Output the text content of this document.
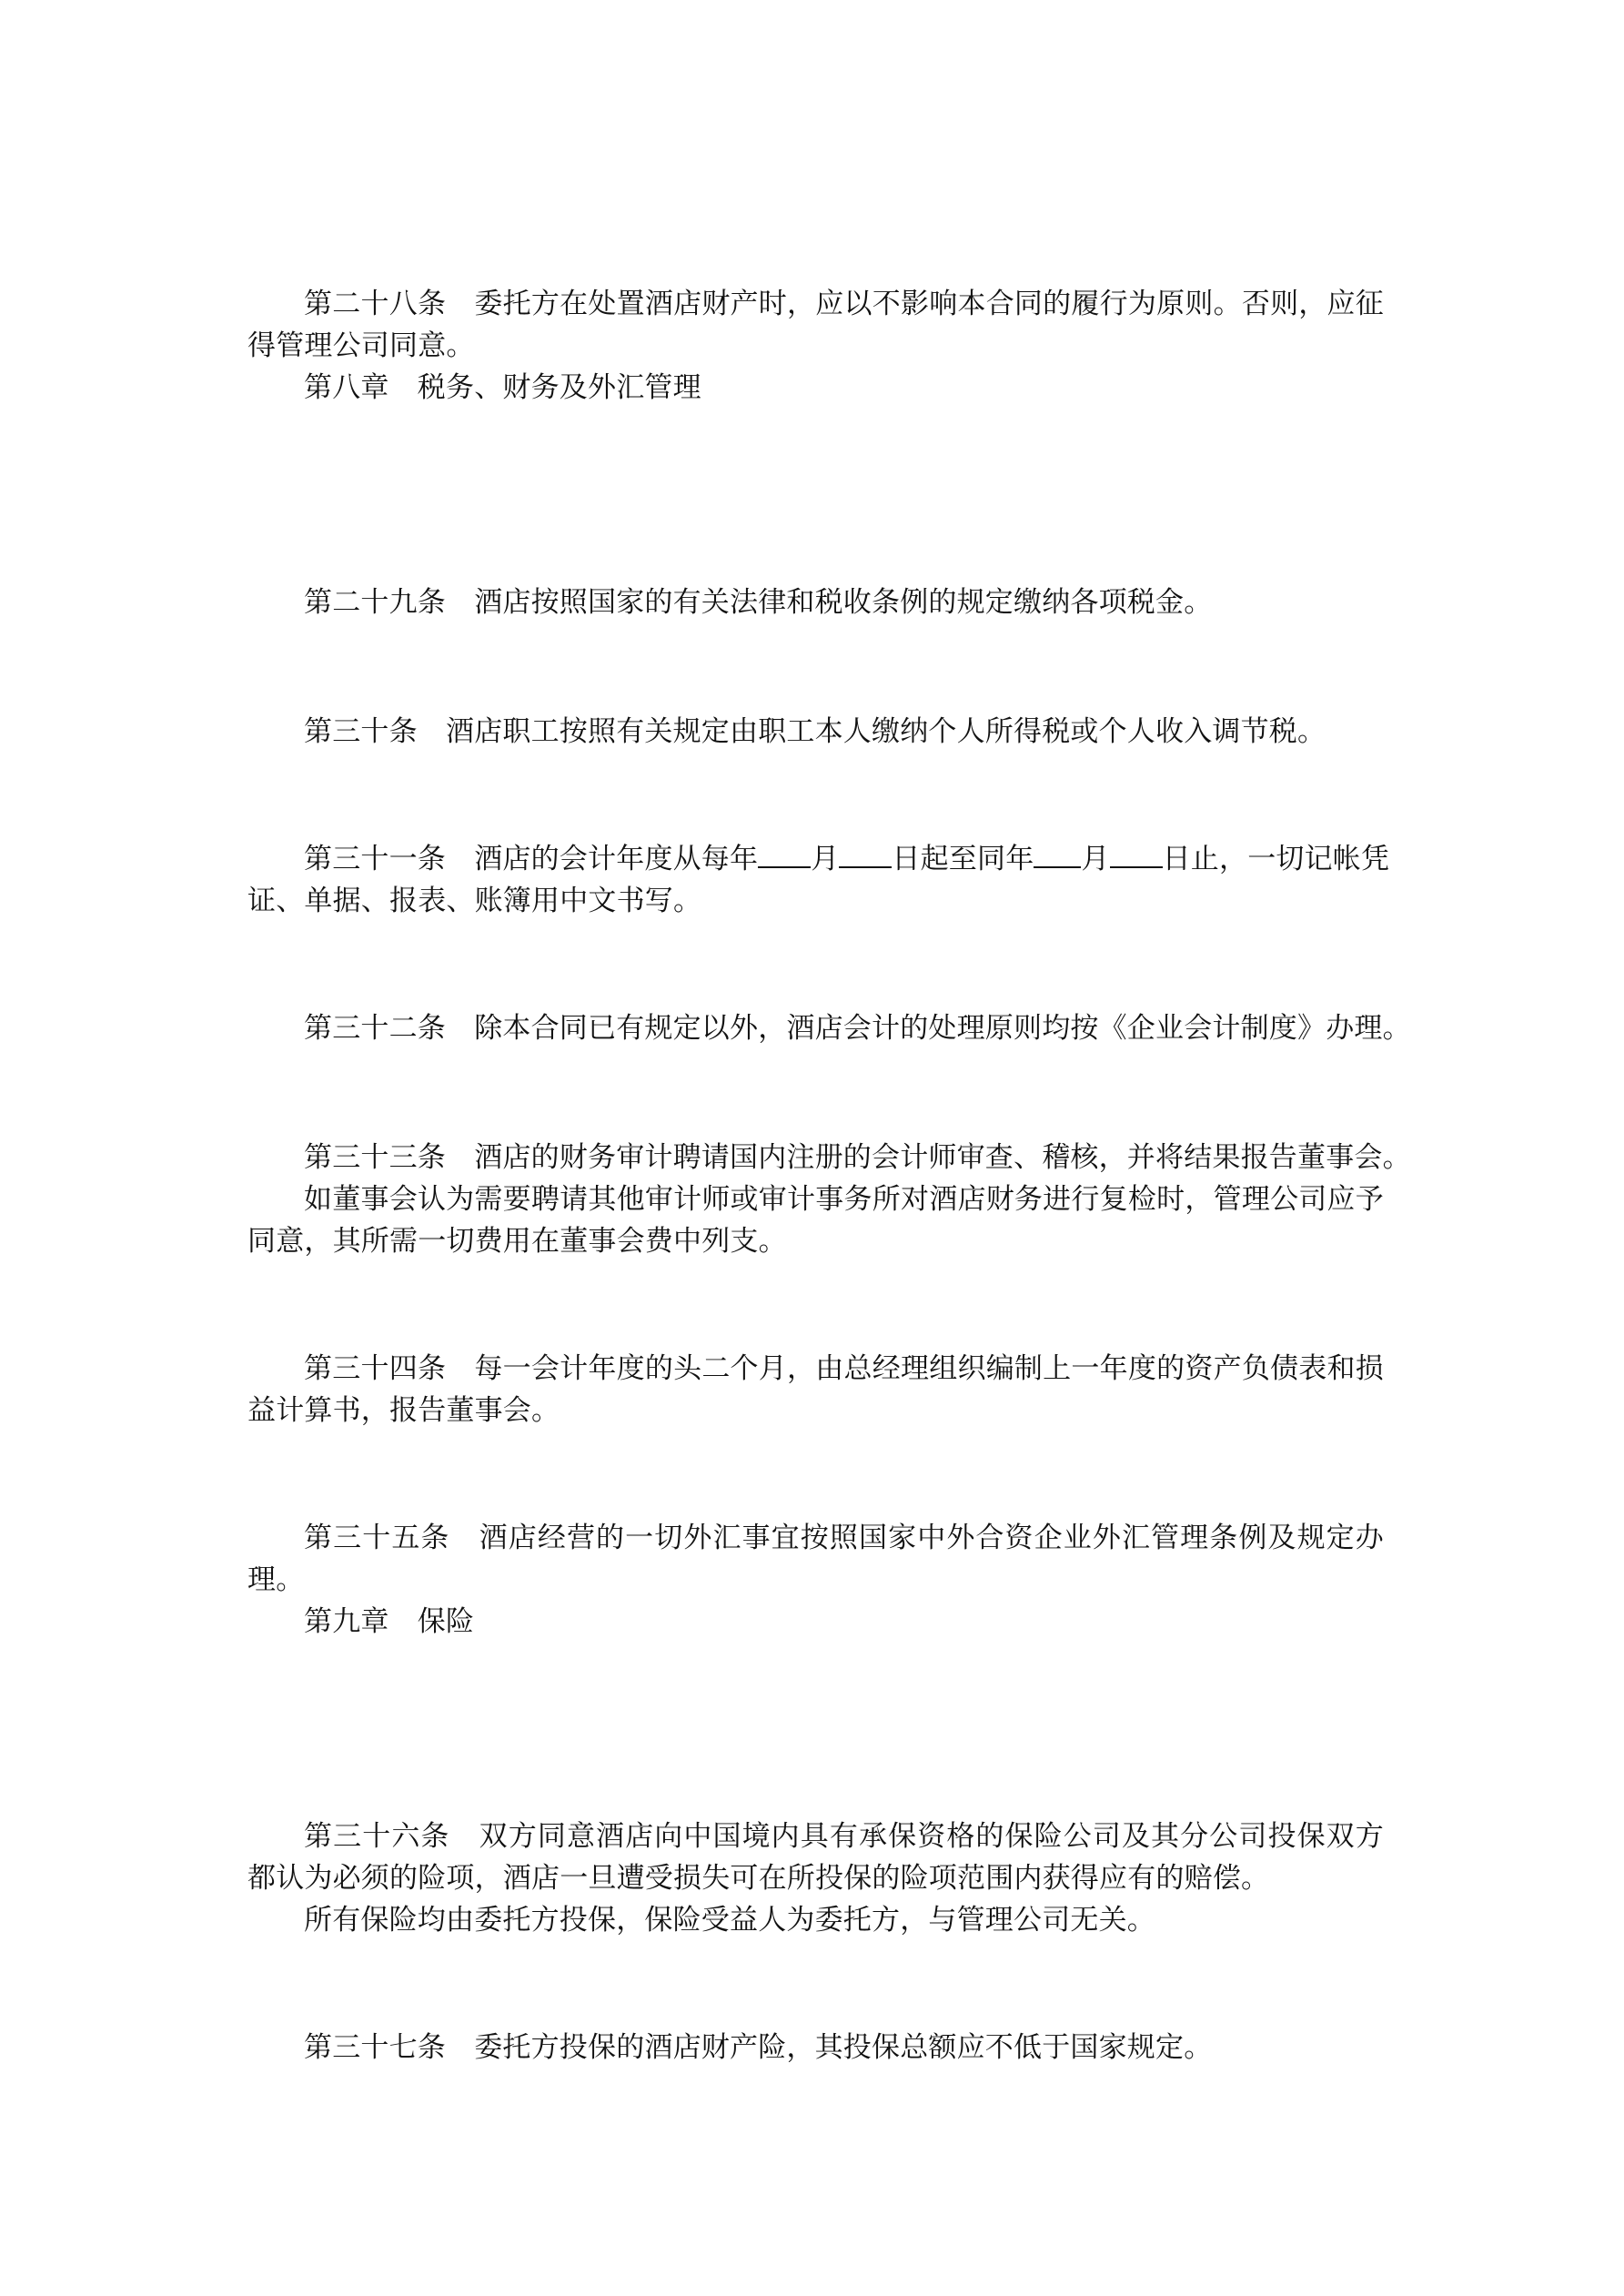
第二十八条　委托方在处置酒店财产时，应以不影响本合同的履行为原则。否则，应征
得管理公司同意。
第八章　税务、财务及外汇管理
第二十九条　酒店按照国家的有关法律和税收条例的规定缴纳各项税金。
第三十条　酒店职工按照有关规定由职工本人缴纳个人所得税或个人收入调节税。
第三十一条　酒店的会计年度从每年 月 日起至同年 月 日止，一切记帐凭
证、单据、报表、账簿用中文书写。
第三十二条　除本合同已有规定以外，酒店会计的处理原则均按《企业会计制度》办理。
第三十三条　酒店的财务审计聘请国内注册的会计师审查、稽核，并将结果报告董事会。
如董事会认为需要聘请其他审计师或审计事务所对酒店财务进行复检时，管理公司应予
同意，其所需一切费用在董事会费中列支。
第三十四条　每一会计年度的头二个月，由总经理组织编制上一年度的资产负债表和损
益计算书，报告董事会。
第三十五条　酒店经营的一切外汇事宜按照国家中外合资企业外汇管理条例及规定办
理。
第九章　保险
第三十六条　双方同意酒店向中国境内具有承保资格的保险公司及其分公司投保双方
都认为必须的险项，酒店一旦遭受损失可在所投保的险项范围内获得应有的赔偿。
所有保险均由委托方投保，保险受益人为委托方，与管理公司无关。
第三十七条　委托方投保的酒店财产险，其投保总额应不低于国家规定。
